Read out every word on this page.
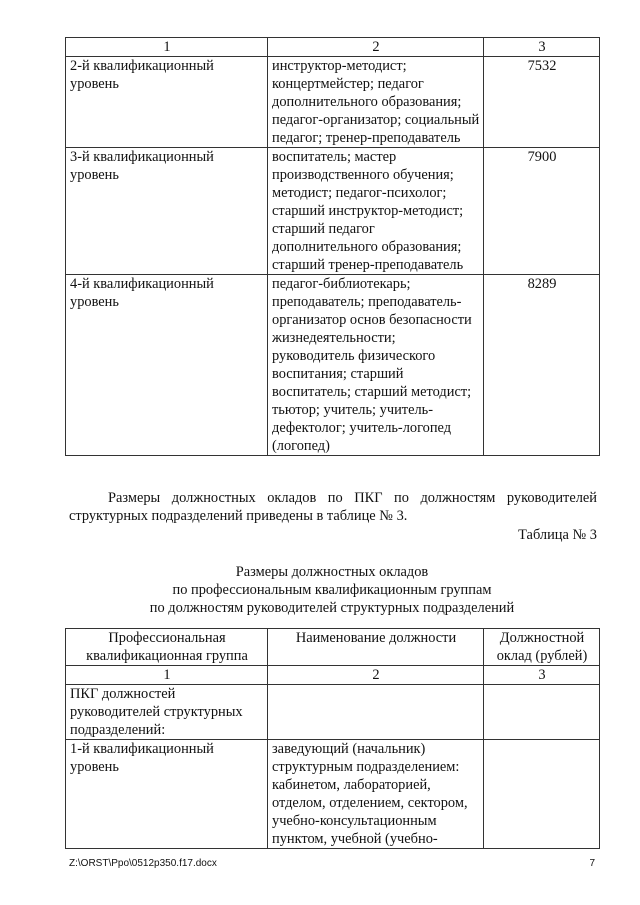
1	2	3
2-й квалификационный уровень	инструктор-методист; концертмейстер; педагог дополнительного образования; педагог-организатор; социальный педагог; тренер-преподаватель	7532
3-й квалификационный уровень	воспитатель; мастер производственного обучения; методист; педагог-психолог; старший инструктор-методист; старший педагог дополнительного образования; старший тренер-преподаватель	7900
4-й квалификационный уровень	педагог-библиотекарь; преподаватель; преподаватель-организатор основ безопасности жизнедеятельности; руководитель физического воспитания; старший воспитатель; старший методист; тьютор; учитель; учитель-дефектолог; учитель-логопед (логопед)	8289

Размеры должностных окладов по ПКГ по должностям руководителей структурных подразделений приведены в таблице № 3.

Таблица № 3

Размеры должностных окладов
по профессиональным квалификационным группам
по должностям руководителей структурных подразделений
Профессиональная квалификационная группа	Наименование должности	Должностной оклад (рублей)
1	2	3
ПКГ должностей руководителей структурных подразделений:		
1-й квалификационный уровень	заведующий (начальник) структурным подразделением: кабинетом, лабораторией, отделом, отделением, сектором, учебно-консультационным пунктом, учебной (учебно-	
Z:\ORST\Ppo\0512p350.f17.docx	7
